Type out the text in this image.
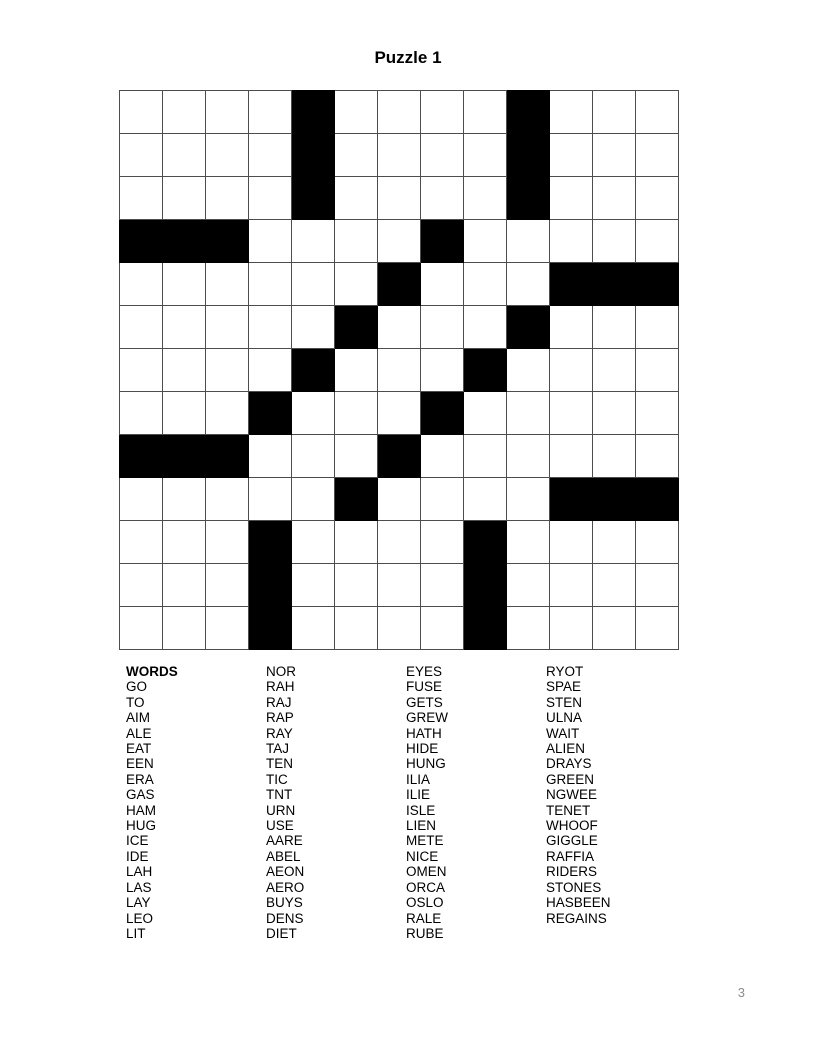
Puzzle 1

WORDS
GO
TO
AIM
ALE
EAT
EEN
ERA
GAS
HAM
HUG
ICE
IDE
LAH
LAS
LAY
LEO
LIT
NOR
RAH
RAJ
RAP
RAY
TAJ
TEN
TIC
TNT
URN
USE
AARE
ABEL
AEON
AERO
BUYS
DENS
DIET
EYES
FUSE
GETS
GREW
HATH
HIDE
HUNG
ILIA
ILIE
ISLE
LIEN
METE
NICE
OMEN
ORCA
OSLO
RALE
RUBE
RYOT
SPAE
STEN
ULNA
WAIT
ALIEN
DRAYS
GREEN
NGWEE
TENET
WHOOF
GIGGLE
RAFFIA
RIDERS
STONES
HASBEEN
REGAINS
3
